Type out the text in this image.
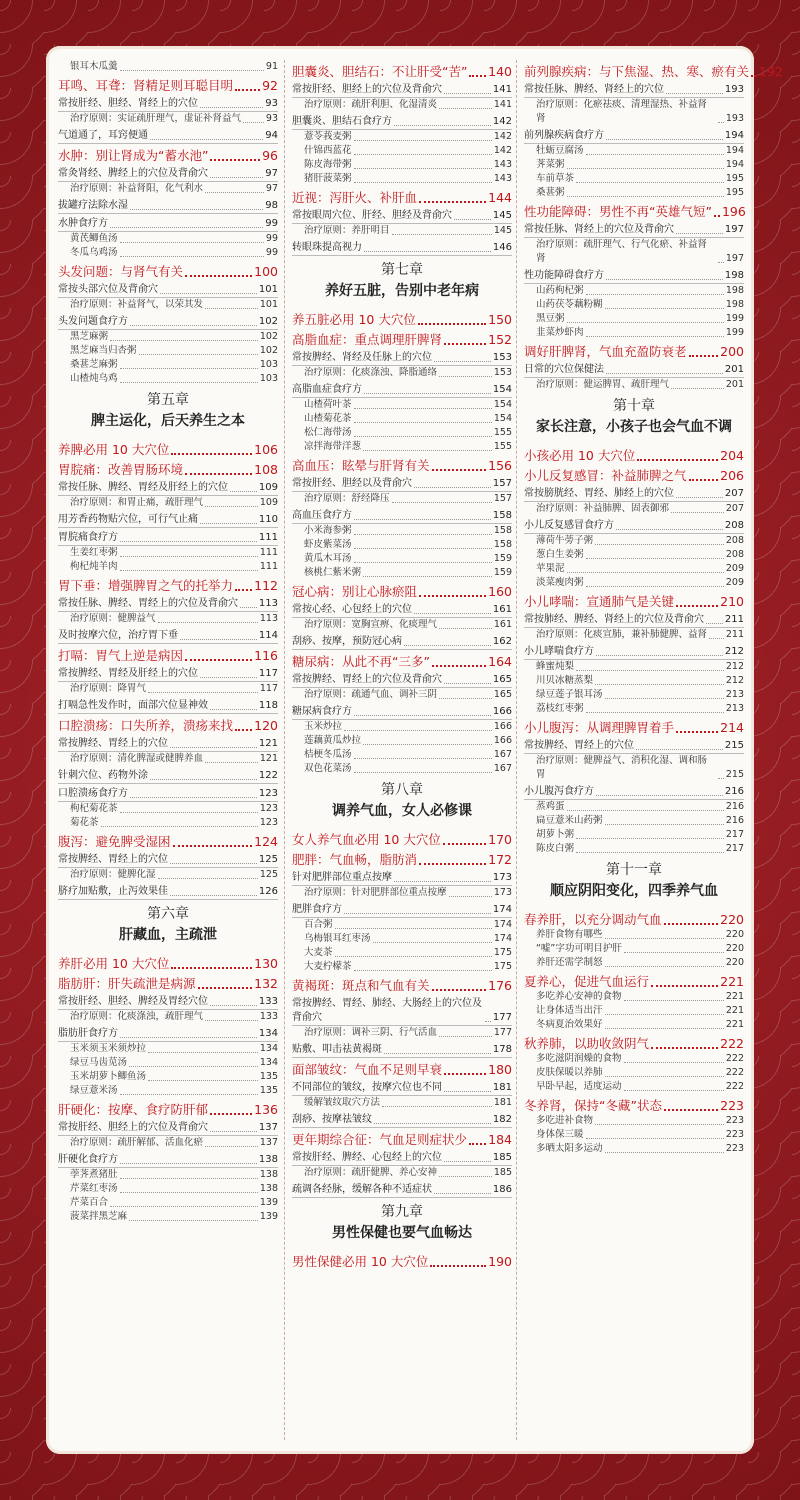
银耳木瓜羹	91
耳鸣、耳聋：肾精足则耳聪目明 92
常按肝经、胆经、肾经上的穴位	93
治疗原则：实证疏肝理气，虚证补肾益气	93
气道通了，耳窍便通	94
水肿：别让肾成为“蓄水池”	96
常灸肾经、脾经上的穴位及背俞穴	97
治疗原则：补益肾阳，化气利水	97
拔罐疗法除水湿	98
水肿食疗方	99
黄芪鲫鱼汤	99
冬瓜乌鸡汤	99
头发问题：与肾气有关	100
常按头部穴位及背俞穴	101
治疗原则：补益肾气，以荣其发	101
头发问题食疗方	102
黑芝麻粥	102
黑芝麻当归杏粥	102
桑葚芝麻粥	103
山楂炖乌鸡	103
第五章
脾主运化，后天养生之本
养脾必用 10 大穴位	106
胃脘痛：改善胃肠环境	108
常按任脉、脾经、胃经及肝经上的穴位	109
治疗原则：和胃止痛，疏肝理气	109
用芳香药物贴穴位，可行气止痛	110
胃脘痛食疗方	111
生姜红枣粥	111
枸杞炖羊肉	111
胃下垂：增强脾胃之气的托举力 112
常按任脉、脾经、胃经上的穴位及背俞穴 113
治疗原则：健脾益气	113
及时按摩穴位，治疗胃下垂	114
打嗝：胃气上逆是病因	116
常按脾经、胃经及肝经上的穴位	117
治疗原则：降胃气	117
打嗝急性发作时，面部穴位显神效	118
口腔溃疡：口失所养，溃疡来找 120
常按脾经、胃经上的穴位	121
治疗原则：清化脾湿或健脾养血	121
针刺穴位、药物外涂	122
口腔溃疡食疗方	123
枸杞菊花茶	123
菊花茶	123
腹泻：避免脾受湿困	124
常按脾经、胃经上的穴位	125
治疗原则：健脾化湿	125
脐疗加贴敷，止泻效果佳	126
第六章
肝藏血，主疏泄
养肝必用 10 大穴位	130
脂肪肝：肝失疏泄是病源	132
常按肝经、胆经、脾经及胃经穴位	133
治疗原则：化痰涤浊，疏肝理气	133
脂肪肝食疗方	134
玉米须玉米须炒拉	134
绿豆马齿苋汤	134
玉米胡萝卜鲫鱼汤	135
绿豆薏米汤	135
肝硬化：按摩、食疗防肝郁	136
常按肝经、胆经上的穴位及背俞穴	137
治疗原则：疏肝解郁、活血化瘀	137
肝硬化食疗方	138
荸荠煮猪肚	138
芹菜红枣汤	138
芹菜百合	139
菠菜拌黑芝麻	139
胆囊炎、胆结石：不让肝受“苦” 140
常按肝经、胆经上的穴位及背俞穴	141
治疗原则：疏肝利胆、化湿清炎	141
胆囊炎、胆结石食疗方	142
薏苓莪麦粥	142
什锦西蓝花	142
陈皮海带粥	143
猪肝菠菜粥	143
近视：泻肝火、补肝血	144
常按眼周穴位、肝经、胆经及背俞穴	145
治疗原则：养肝明目	145
转眼珠提高视力	146
第七章
养好五脏，告别中老年病
养五脏必用 10 大穴位	150
高脂血症：重点调理肝脾肾	152
常按脾经、肾经及任脉上的穴位	153
治疗原则：化痰涤浊、降脂通络	153
高脂血症食疗方	154
山楂荷叶茶	154
山楂菊花茶	154
松仁海带汤	155
凉拌海带洋葱	155
高血压：眩晕与肝肾有关	156
常按肝经、胆经以及背俞穴	157
治疗原则：舒经降压	157
高血压食疗方	158
小米海参粥	158
虾皮紫菜汤	158
黄瓜木耳汤	159
核桃仁紫米粥	159
冠心病：别让心脉瘀阻	160
常按心经、心包经上的穴位	161
治疗原则：宽胸宣痹、化痰理气	161
刮痧、按摩，预防冠心病	162
糖尿病：从此不再“三多”	164
常按脾经、胃经上的穴位及背俞穴	165
治疗原则：疏通气血、调补三阴	165
糖尿病食疗方	166
玉米炒拉	166
莲藕黄瓜炒拉	166
桔梗冬瓜汤	167
双色花菜汤	167
第八章
调养气血，女人必修课
女人养气血必用 10 大穴位	170
肥胖：气血畅，脂肪消	172
针对肥胖部位重点按摩	173
治疗原则：针对肥胖部位重点按摩	173
肥胖食疗方	174
百合粥	174
乌梅银耳红枣汤	174
大麦茶	175
大麦柠檬茶	175
黄褐斑：斑点和气血有关	176
常按脾经、胃经、肺经、大肠经上的穴位及背俞穴	177
治疗原则：调补三阴、行气活血	177
贴敷、叩击祛黄褐斑	178
面部皱纹：气血不足则早衰	180
不同部位的皱纹，按摩穴位也不同	181
缓解皱纹取穴方法	181
刮痧、按摩祛皱纹	182
更年期综合征：气血足则症状少 184
常按肝经、脾经、心包经上的穴位	185
治疗原则：疏肝健脾、养心安神	185
疏调各经脉，缓解各种不适症状	186
第九章
男性保健也要气血畅达
男性保健必用 10 大穴位	190
前列腺疾病：与下焦湿、热、寒、瘀有关 192
常按任脉、脾经、肾经上的穴位	193
治疗原则：化瘀祛痰、清理湿热、补益肾肾	193
前列腺疾病食疗方	194
牡蛎豆腐汤	194
荠菜粥	194
车前草茶	195
桑葚粥	195
性功能障碍：男性不再“英雄气短” 196
常按任脉、肾经上的穴位及背俞穴	197
治疗原则：疏肝理气、行气化瘀、补益肾肾	197
性功能障碍食疗方	198
山药枸杞粥	198
山药茯苓藕粉糊	198
黑豆粥	199
韭菜炒虾肉	199
调好肝脾肾，气血充盈防衰老	200
日常的穴位保健法	201
治疗原则：健运脾胃、疏肝理气	201
第十章
家长注意，小孩子也会气血不调
小孩必用 10 大穴位	204
小儿反复感冒：补益肺脾之气	206
常按膀胱经、胃经、肺经上的穴位	207
治疗原则：补益肺脾、固表御邪	207
小儿反复感冒食疗方	208
薄荷牛蒡子粥	208
葱白生姜粥	208
苹果泥	209
淡菜瘦肉粥	209
小儿哮喘：宣通肺气是关键	210
常按肺经、脾经、肾经上的穴位及背俞穴 211
治疗原则：化痰宣肺，兼补肺健脾、益肾 211
小儿哮喘食疗方	212
蜂蜜炖梨	212
川贝冰糖蒸梨	212
绿豆莲子银耳汤	213
荔枝红枣粥	213
小儿腹泻：从调理脾胃着手	214
常按脾经、胃经上的穴位	215
治疗原则：健脾益气、消积化湿、调和肠胃	215
小儿腹泻食疗方	216
蒸鸡蛋	216
扁豆薏米山药粥	216
胡萝卜粥	217
陈皮白粥	217
第十一章
顺应阴阳变化，四季养气血
春养肝，以充分调动气血	220
养肝食物有哪些	220
“嘘”字功可明目护肝	220
养肝还需学制怒	220
夏养心，促进气血运行	221
多吃养心安神的食物	221
让身体适当出汗	221
冬病夏治效果好	221
秋养肺，以助收敛阴气	222
多吃滋阴润燥的食物	222
皮肤保暖以养肺	222
早卧早起，适度运动	222
冬养肾，保持“冬藏”状态	223
多吃进补食物	223
身体保三暖	223
多晒太阳多运动	223
